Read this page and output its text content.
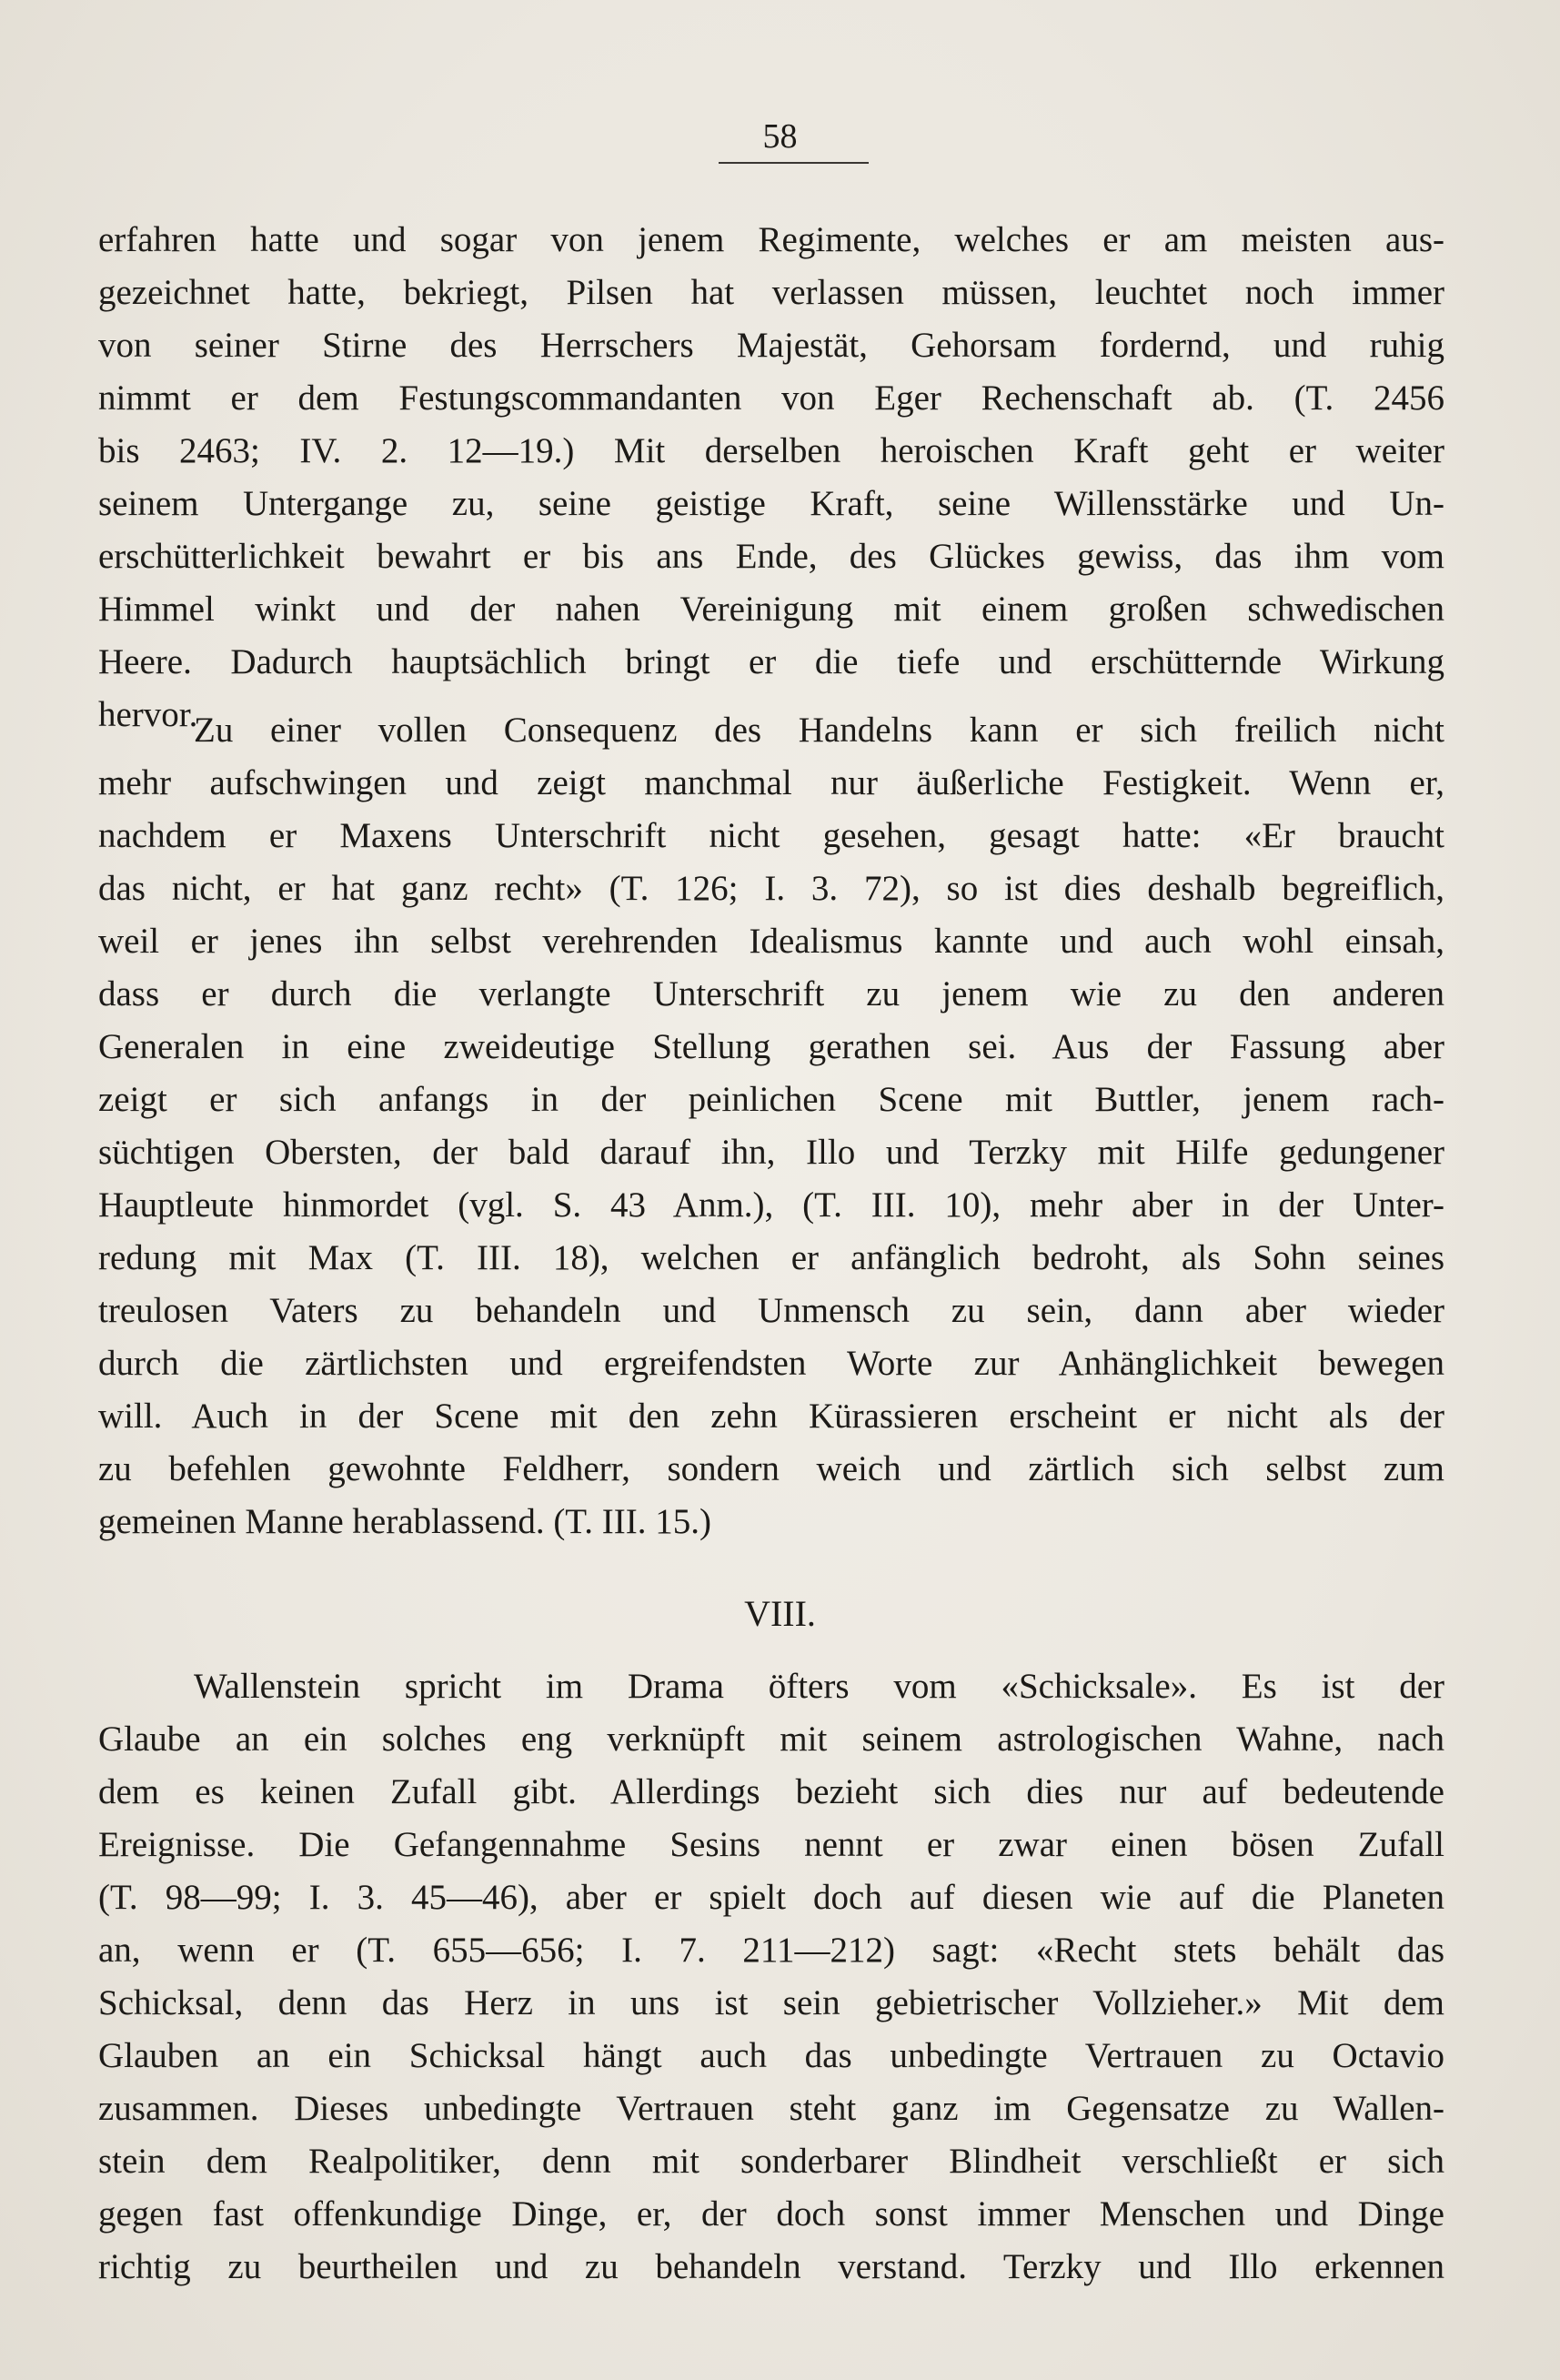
58
erfahren hatte und sogar von jenem Regimente, welches er am meisten aus-
gezeichnet hatte, bekriegt, Pilsen hat verlassen müssen, leuchtet noch immer
von seiner Stirne des Herrschers Majestät, Gehorsam fordernd, und ruhig
nimmt er dem Festungscommandanten von Eger Rechenschaft ab. (T. 2456
bis 2463; IV. 2. 12—19.) Mit derselben heroischen Kraft geht er weiter
seinem Untergange zu, seine geistige Kraft, seine Willensstärke und Un-
erschütterlichkeit bewahrt er bis ans Ende, des Glückes gewiss, das ihm vom
Himmel winkt und der nahen Vereinigung mit einem großen schwedischen
Heere. Dadurch hauptsächlich bringt er die tiefe und erschütternde Wirkung
hervor.
Zu einer vollen Consequenz des Handelns kann er sich freilich nicht
mehr aufschwingen und zeigt manchmal nur äußerliche Festigkeit. Wenn er,
nachdem er Maxens Unterschrift nicht gesehen, gesagt hatte: «Er braucht
das nicht, er hat ganz recht» (T. 126; I. 3. 72), so ist dies deshalb begreiflich,
weil er jenes ihn selbst verehrenden Idealismus kannte und auch wohl einsah,
dass er durch die verlangte Unterschrift zu jenem wie zu den anderen
Generalen in eine zweideutige Stellung gerathen sei. Aus der Fassung aber
zeigt er sich anfangs in der peinlichen Scene mit Buttler, jenem rach-
süchtigen Obersten, der bald darauf ihn, Illo und Terzky mit Hilfe gedungener
Hauptleute hinmordet (vgl. S. 43 Anm.), (T. III. 10), mehr aber in der Unter-
redung mit Max (T. III. 18), welchen er anfänglich bedroht, als Sohn seines
treulosen Vaters zu behandeln und Unmensch zu sein, dann aber wieder
durch die zärtlichsten und ergreifendsten Worte zur Anhänglichkeit bewegen
will. Auch in der Scene mit den zehn Kürassieren erscheint er nicht als der
zu befehlen gewohnte Feldherr, sondern weich und zärtlich sich selbst zum
gemeinen Manne herablassend. (T. III. 15.)
VIII.
Wallenstein spricht im Drama öfters vom «Schicksale». Es ist der
Glaube an ein solches eng verknüpft mit seinem astrologischen Wahne, nach
dem es keinen Zufall gibt. Allerdings bezieht sich dies nur auf bedeutende
Ereignisse. Die Gefangennahme Sesins nennt er zwar einen bösen Zufall
(T. 98—99; I. 3. 45—46), aber er spielt doch auf diesen wie auf die Planeten
an, wenn er (T. 655—656; I. 7. 211—212) sagt: «Recht stets behält das
Schicksal, denn das Herz in uns ist sein gebietrischer Vollzieher.» Mit dem
Glauben an ein Schicksal hängt auch das unbedingte Vertrauen zu Octavio
zusammen. Dieses unbedingte Vertrauen steht ganz im Gegensatze zu Wallen-
stein dem Realpolitiker, denn mit sonderbarer Blindheit verschließt er sich
gegen fast offenkundige Dinge, er, der doch sonst immer Menschen und Dinge
richtig zu beurtheilen und zu behandeln verstand. Terzky und Illo erkennen
